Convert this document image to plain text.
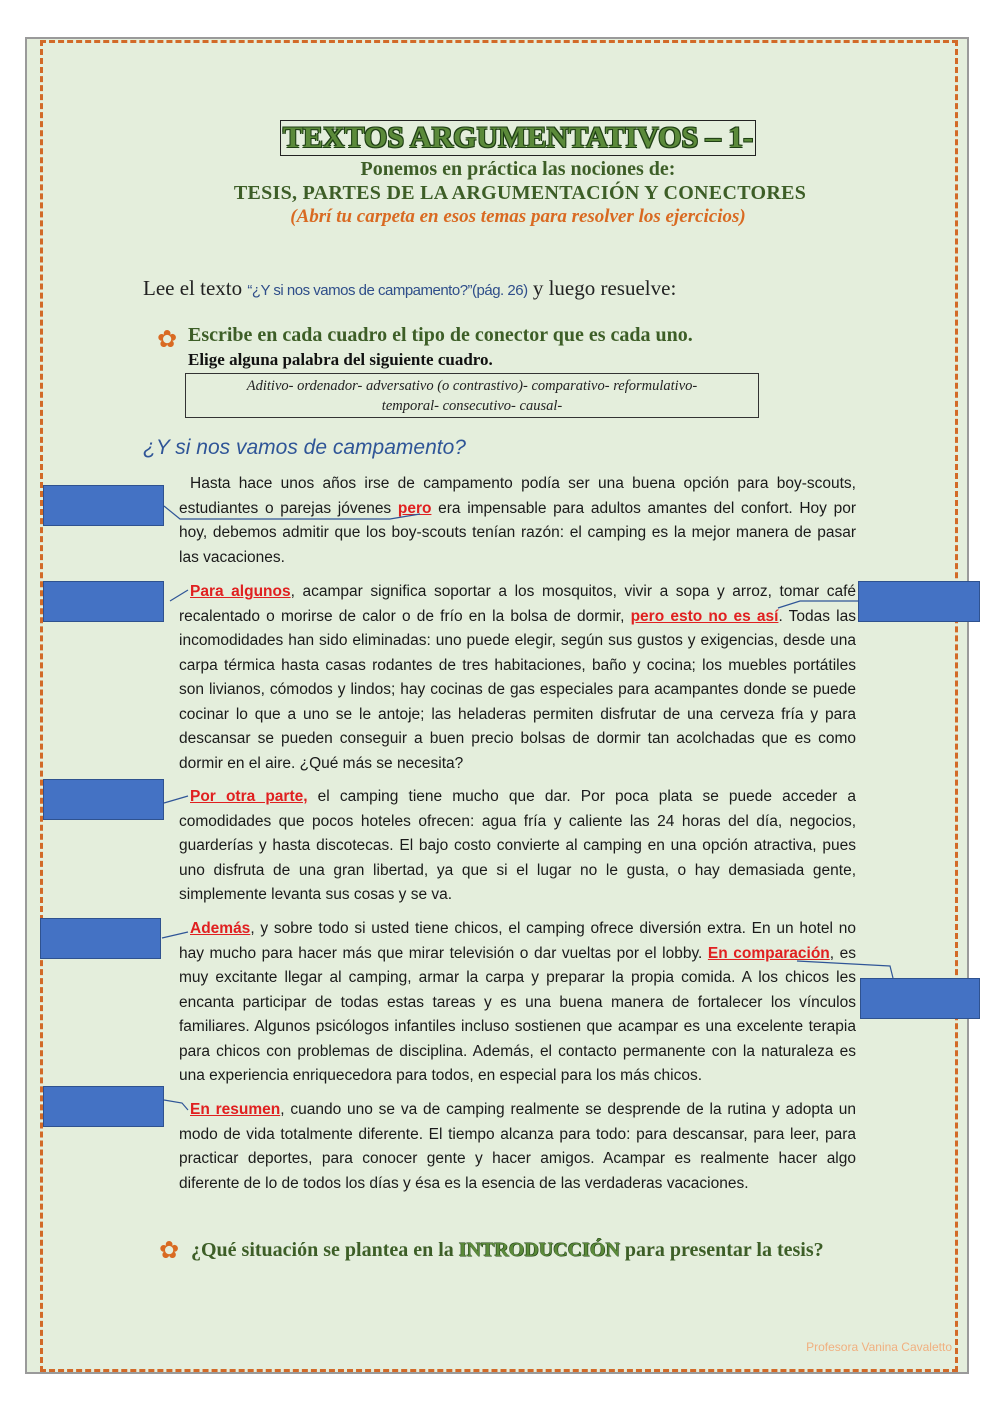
TEXTOS ARGUMENTATIVOS – 1-
Ponemos en práctica las nociones de:
TESIS, PARTES DE LA ARGUMENTACIÓN Y CONECTORES
(Abrí tu carpeta en esos temas para resolver los ejercicios)
Lee el texto “¿Y si nos vamos de campamento?”(pág. 26) y luego resuelve:
✿ Escribe en cada cuadro el tipo de conector que es cada uno.
Elige alguna palabra del siguiente cuadro.
Aditivo- ordenador- adversativo (o contrastivo)- comparativo- reformulativo-
temporal- consecutivo- causal-
¿Y si nos vamos de campamento?
Hasta hace unos años irse de campamento podía ser una buena opción para boy-scouts, estudiantes o parejas jóvenes pero era impensable para adultos amantes del confort. Hoy por hoy, debemos admitir que los boy-scouts tenían razón: el camping es la mejor manera de pasar las vacaciones.
Para algunos, acampar significa soportar a los mosquitos, vivir a sopa y arroz, tomar café recalentado o morirse de calor o de frío en la bolsa de dormir, pero esto no es así. Todas las incomodidades han sido eliminadas: uno puede elegir, según sus gustos y exigencias, desde una carpa térmica hasta casas rodantes de tres habitaciones, baño y cocina; los muebles portátiles son livianos, cómodos y lindos; hay cocinas de gas especiales para acampantes donde se puede cocinar lo que a uno se le antoje; las heladeras permiten disfrutar de una cerveza fría y para descansar se pueden conseguir a buen precio bolsas de dormir tan acolchadas que es como dormir en el aire. ¿Qué más se necesita?
Por otra parte, el camping tiene mucho que dar. Por poca plata se puede acceder a comodidades que pocos hoteles ofrecen: agua fría y caliente las 24 horas del día, negocios, guarderías y hasta discotecas. El bajo costo convierte al camping en una opción atractiva, pues uno disfruta de una gran libertad, ya que si el lugar no le gusta, o hay demasiada gente, simplemente levanta sus cosas y se va.
Además, y sobre todo si usted tiene chicos, el camping ofrece diversión extra. En un hotel no hay mucho para hacer más que mirar televisión o dar vueltas por el lobby. En comparación, es muy excitante llegar al camping, armar la carpa y preparar la propia comida. A los chicos les encanta participar de todas estas tareas y es una buena manera de fortalecer los vínculos familiares. Algunos psicólogos infantiles incluso sostienen que acampar es una excelente terapia para chicos con problemas de disciplina. Además, el contacto permanente con la naturaleza es una experiencia enriquecedora para todos, en especial para los más chicos.
En resumen, cuando uno se va de camping realmente se desprende de la rutina y adopta un modo de vida totalmente diferente. El tiempo alcanza para todo: para descansar, para leer, para practicar deportes, para conocer gente y hacer amigos. Acampar es realmente hacer algo diferente de lo de todos los días y ésa es la esencia de las verdaderas vacaciones.
✿ ¿Qué situación se plantea en la INTRODUCCIÓN para presentar la tesis?
Profesora Vanina Cavaletto
